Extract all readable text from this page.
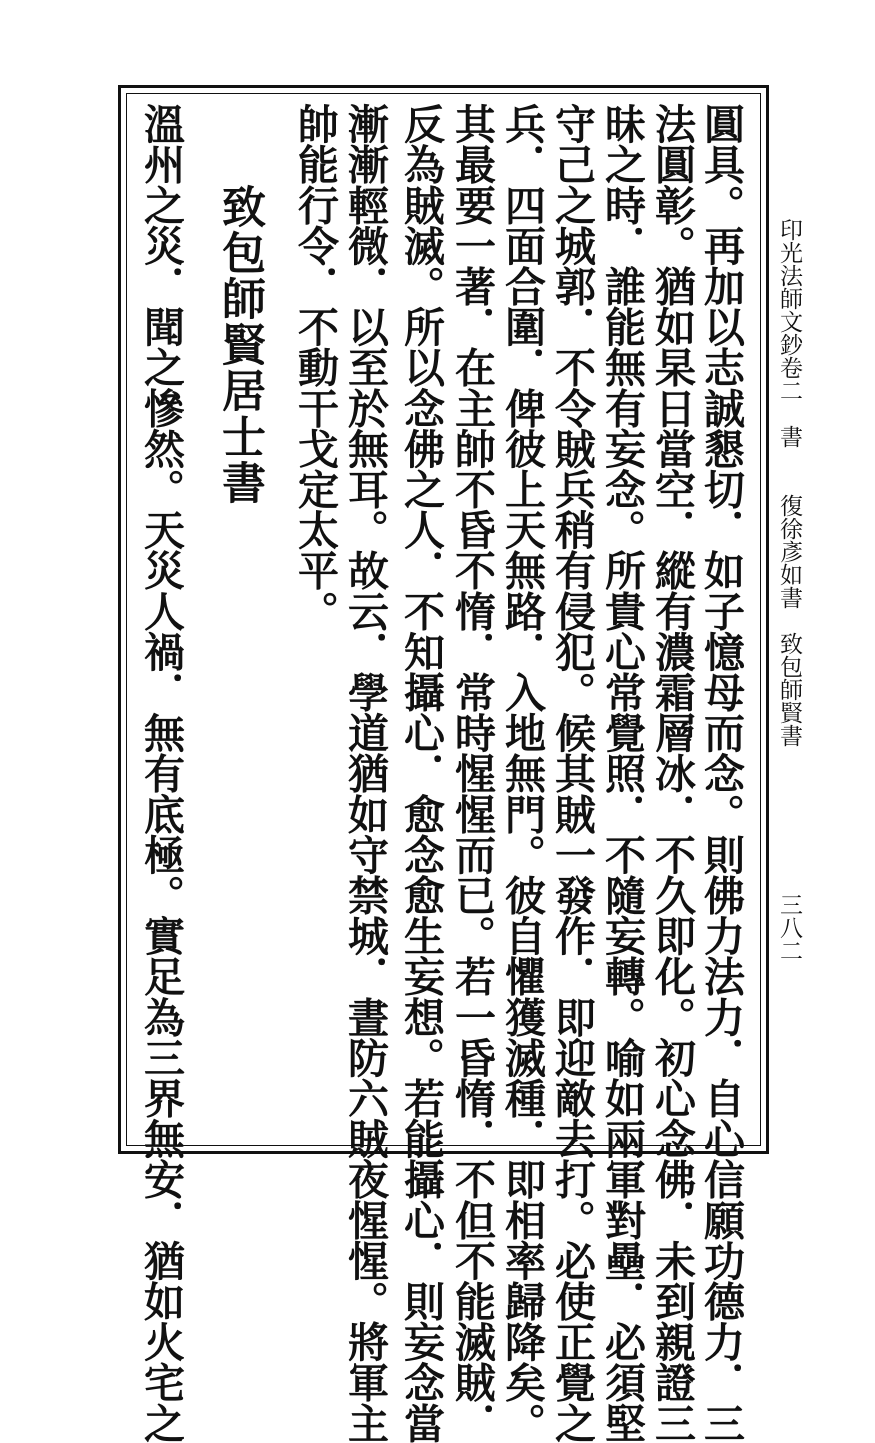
印光法師文鈔卷二　書　　復徐彥如書　致包師賢書
三八二
圓具。再加以志誠懇切．如子憶母而念。則佛力法力．自心信願功德力．三
法圓彰。猶如杲日當空．縱有濃霜層冰．不久即化。初心念佛．未到親證三
昧之時．誰能無有妄念。所貴心常覺照．不隨妄轉。喻如兩軍對壘．必須堅
守己之城郭．不令賊兵稍有侵犯。候其賊一發作．即迎敵去打。必使正覺之
兵．四面合圍．俾彼上天無路．入地無門。彼自懼獲滅種．即相率歸降矣。
其最要一著．在主帥不昏不惰．常時惺惺而已。若一昏惰．不但不能滅賊．
反為賊滅。所以念佛之人．不知攝心．愈念愈生妄想。若能攝心．則妄念當
漸漸輕微．以至於無耳。故云．學道猶如守禁城．晝防六賊夜惺惺。將軍主
帥能行令．不動干戈定太平。
致包師賢居士書
溫州之災．聞之慘然。天災人禍．無有底極。實足為三界無安．猶如火宅之
